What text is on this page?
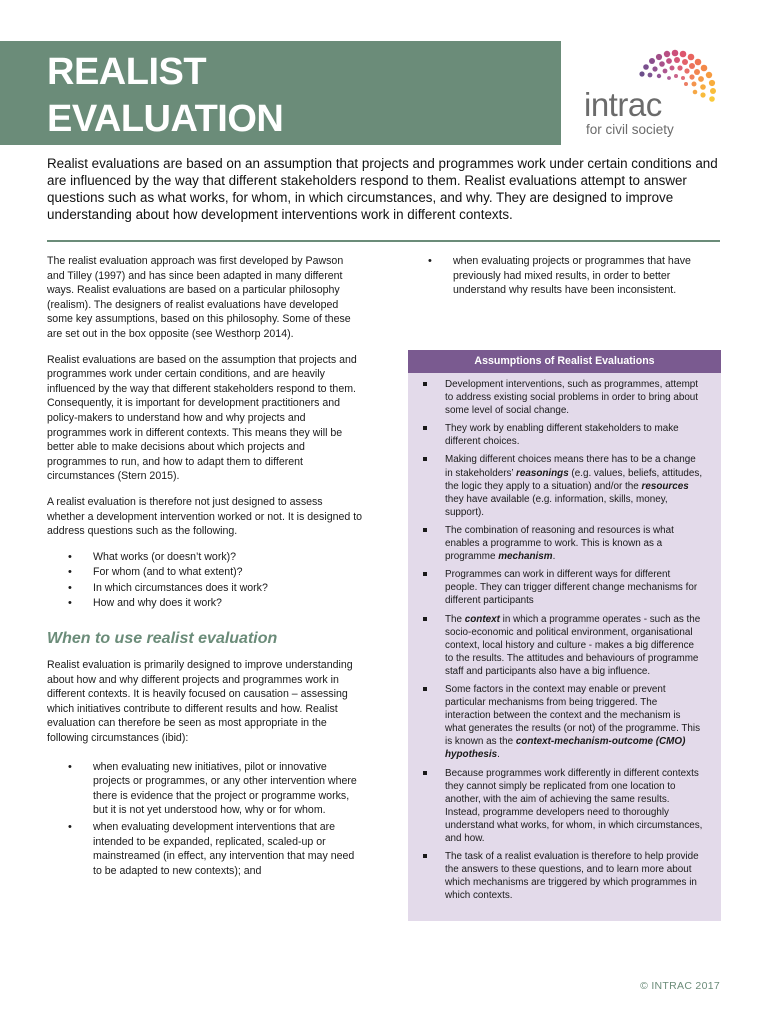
REALIST
EVALUATION	intrac
for civil society

Realist evaluations are based on an assumption that projects and programmes work under certain conditions and are influenced by the way that different stakeholders respond to them. Realist evaluations attempt to answer questions such as what works, for whom, in which circumstances, and why. They are designed to improve understanding about how development interventions work in different contexts.

The realist evaluation approach was first developed by Pawson and Tilley (1997) and has since been adapted in many different ways. Realist evaluations are based on a particular philosophy (realism). The designers of realist evaluations have developed some key assumptions, based on this philosophy. Some of these are set out in the box opposite (see Westhorp 2014).

Realist evaluations are based on the assumption that projects and programmes work under certain conditions, and are heavily influenced by the way that different stakeholders respond to them. Consequently, it is important for development practitioners and policy-makers to understand how and why projects and programmes work in different contexts. This means they will be better able to make decisions about which projects and programmes to run, and how to adapt them to different circumstances (Stern 2015).

A realist evaluation is therefore not just designed to assess whether a development intervention worked or not. It is designed to address questions such as the following.

• What works (or doesn’t work)?
• For whom (and to what extent)?
• In which circumstances does it work?
• How and why does it work?
When to use realist evaluation

Realist evaluation is primarily designed to improve understanding about how and why different projects and programmes work in different contexts. It is heavily focused on causation – assessing which initiatives contribute to different results and how. Realist evaluation can therefore be seen as most appropriate in the following circumstances (ibid):

• when evaluating new initiatives, pilot or innovative projects or programmes, or any other intervention where there is evidence that the project or programme works, but it is not yet understood how, why or for whom.
• when evaluating development interventions that are intended to be expanded, replicated, scaled-up or mainstreamed (in effect, any intervention that may need to be adapted to new contexts); and
• when evaluating projects or programmes that have previously had mixed results, in order to better understand why results have been inconsistent.
Assumptions of Realist Evaluations
Development interventions, such as programmes, attempt to address existing social problems in order to bring about some level of social change.
They work by enabling different stakeholders to make different choices.
Making different choices means there has to be a change in stakeholders’ reasonings (e.g. values, beliefs, attitudes, the logic they apply to a situation) and/or the resources they have available (e.g. information, skills, money, support).
The combination of reasoning and resources is what enables a programme to work. This is known as a programme mechanism.
Programmes can work in different ways for different people. They can trigger different change mechanisms for different participants
The context in which a programme operates - such as the socio-economic and political environment, organisational context, local history and culture - makes a big difference to the results. The attitudes and behaviours of programme staff and participants also have a big influence.
Some factors in the context may enable or prevent particular mechanisms from being triggered. The interaction between the context and the mechanism is what generates the results (or not) of the programme. This is known as the context-mechanism-outcome (CMO) hypothesis.
Because programmes work differently in different contexts they cannot simply be replicated from one location to another, with the aim of achieving the same results. Instead, programme developers need to thoroughly understand what works, for whom, in which circumstances, and how.
The task of a realist evaluation is therefore to help provide the answers to these questions, and to learn more about which mechanisms are triggered by which programmes in which contexts.
© INTRAC 2017
